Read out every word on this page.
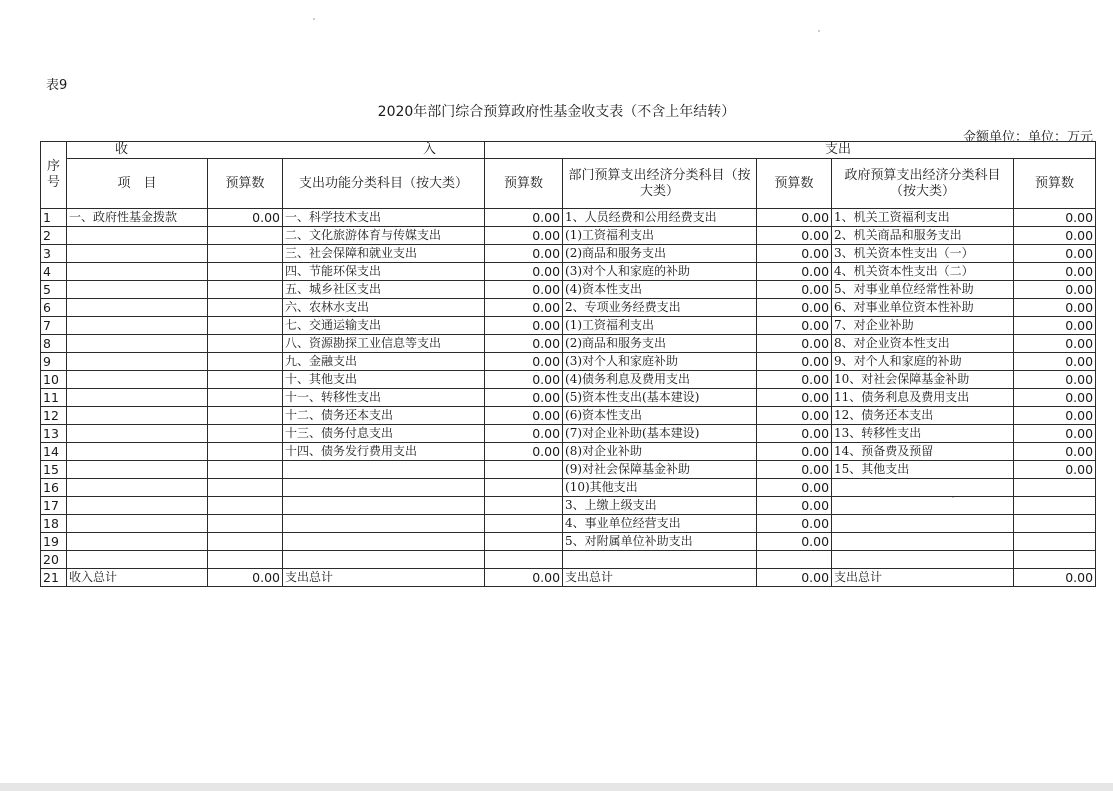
表9
2020年部门综合预算政府性基金收支表（不含上年结转）
金额单位：单位：万元
序号	收 入			支 出				

	项　目	预算数	支出功能分类科目（按大类）	预算数	部门预算支出经济分类科目（按大类）	预算数	政府预算支出经济分类科目（按大类）	预算数
1	一、政府性基金拨款	0.00	一、科学技术支出	0.00	1、人员经费和公用经费支出	0.00	1、机关工资福利支出	0.00
2			二、文化旅游体育与传媒支出	0.00	(1)工资福利支出	0.00	2、机关商品和服务支出	0.00
3			三、社会保障和就业支出	0.00	(2)商品和服务支出	0.00	3、机关资本性支出（一）	0.00
4			四、节能环保支出	0.00	(3)对个人和家庭的补助	0.00	4、机关资本性支出（二）	0.00
5			五、城乡社区支出	0.00	(4)资本性支出	0.00	5、对事业单位经常性补助	0.00
6			六、农林水支出	0.00	2、专项业务经费支出	0.00	6、对事业单位资本性补助	0.00
7			七、交通运输支出	0.00	(1)工资福利支出	0.00	7、对企业补助	0.00
8			八、资源勘探工业信息等支出	0.00	(2)商品和服务支出	0.00	8、对企业资本性支出	0.00
9			九、金融支出	0.00	(3)对个人和家庭补助	0.00	9、对个人和家庭的补助	0.00
10			十、其他支出	0.00	(4)债务利息及费用支出	0.00	10、对社会保障基金补助	0.00
11			十一、转移性支出	0.00	(5)资本性支出(基本建设)	0.00	11、债务利息及费用支出	0.00
12			十二、债务还本支出	0.00	(6)资本性支出	0.00	12、债务还本支出	0.00
13			十三、债务付息支出	0.00	(7)对企业补助(基本建设)	0.00	13、转移性支出	0.00
14			十四、债务发行费用支出	0.00	(8)对企业补助	0.00	14、预备费及预留	0.00
15					(9)对社会保障基金补助	0.00	15、其他支出	0.00
16					(10)其他支出	0.00		
17					3、上缴上级支出	0.00		
18					4、事业单位经营支出	0.00		
19					5、对附属单位补助支出	0.00		
20								
21	收入总计	0.00	支出总计	0.00	支出总计	0.00	支出总计	0.00
